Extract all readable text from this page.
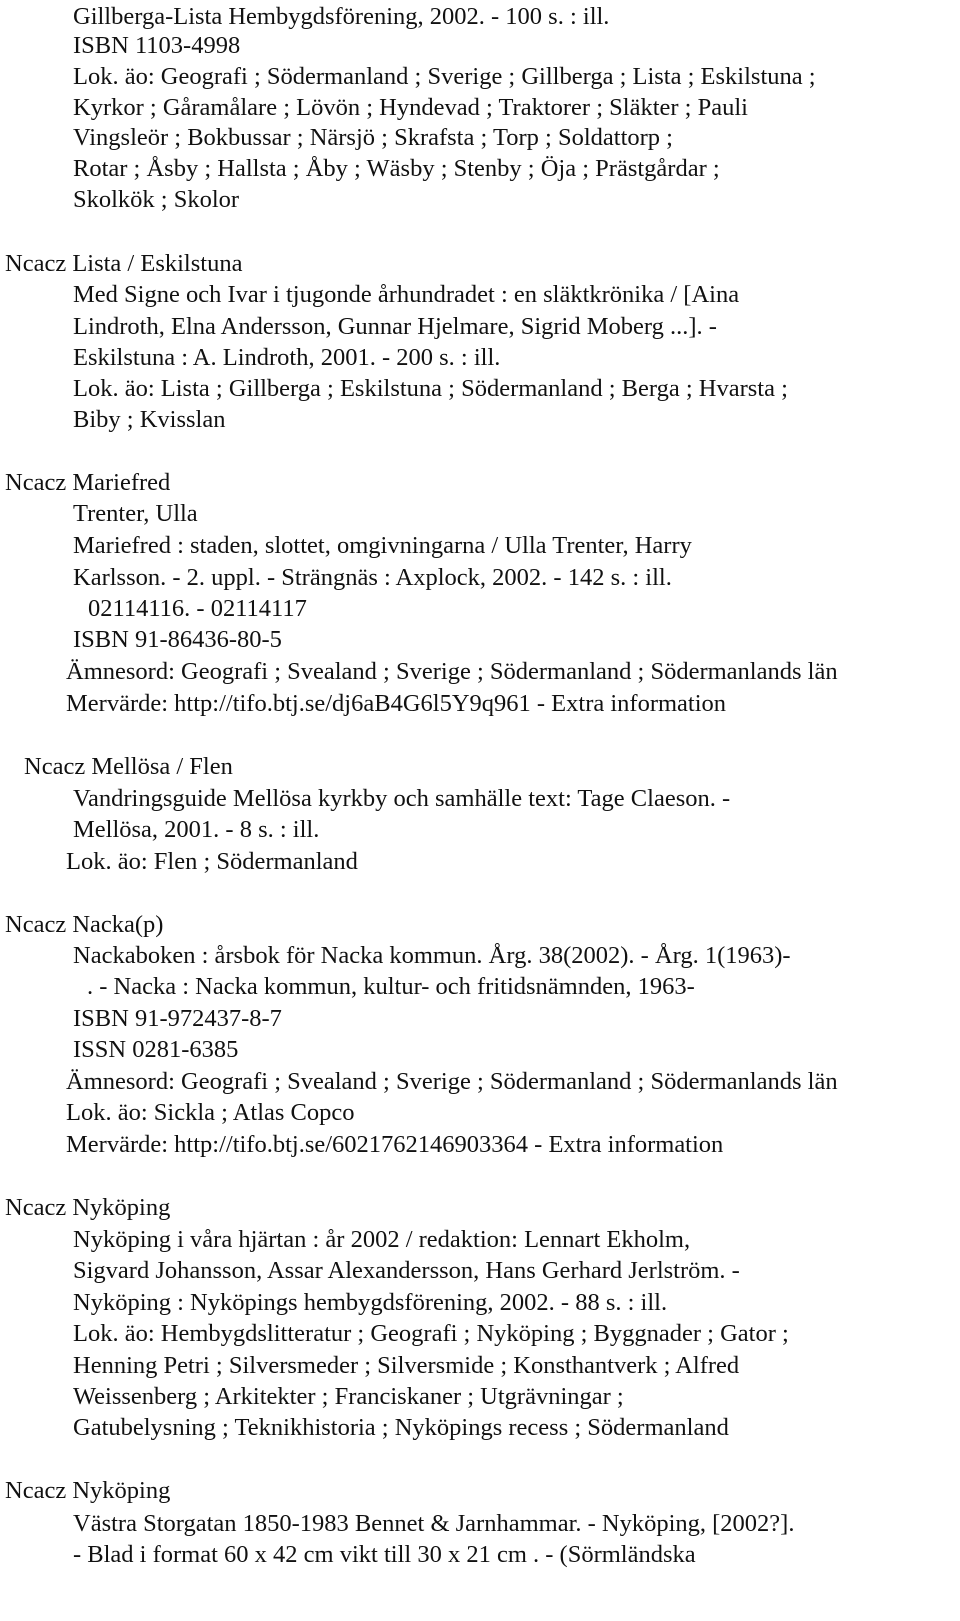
Gillberga-Lista Hembygdsförening, 2002. - 100 s. : ill.
ISBN 1103-4998
Lok. äo: Geografi ; Södermanland ; Sverige ; Gillberga ; Lista ; Eskilstuna ;
Kyrkor ; Gåramålare ; Lövön ; Hyndevad ; Traktorer ; Släkter ; Pauli
Vingsleör ; Bokbussar ; Närsjö ; Skrafsta ; Torp ; Soldattorp ;
Rotar ; Åsby ; Hallsta ; Åby ; Wäsby ; Stenby ; Öja ; Prästgårdar ;
Skolkök ; Skolor
Ncacz Lista / Eskilstuna
Med Signe och Ivar i tjugonde århundradet : en släktkrönika / [Aina
Lindroth, Elna Andersson, Gunnar Hjelmare, Sigrid Moberg ...]. -
Eskilstuna : A. Lindroth, 2001. - 200 s. : ill.
Lok. äo: Lista ; Gillberga ; Eskilstuna ; Södermanland ; Berga ; Hvarsta ;
Biby ; Kvisslan
Ncacz Mariefred
Trenter, Ulla
Mariefred : staden, slottet, omgivningarna / Ulla Trenter, Harry
Karlsson. - 2. uppl. - Strängnäs : Axplock, 2002. - 142 s. : ill.
02114116. - 02114117
ISBN 91-86436-80-5
Ämnesord: Geografi ; Svealand ; Sverige ; Södermanland ; Södermanlands län
Mervärde: http://tifo.btj.se/dj6aB4G6l5Y9q961 - Extra information
Ncacz Mellösa / Flen
Vandringsguide Mellösa kyrkby och samhälle text: Tage Claeson. -
Mellösa, 2001. - 8 s. : ill.
Lok. äo: Flen ; Södermanland
Ncacz Nacka(p)
Nackaboken : årsbok för Nacka kommun. Årg. 38(2002). - Årg. 1(1963)-
. - Nacka : Nacka kommun, kultur- och fritidsnämnden, 1963-
ISBN 91-972437-8-7
ISSN 0281-6385
Ämnesord: Geografi ; Svealand ; Sverige ; Södermanland ; Södermanlands län
Lok. äo: Sickla ; Atlas Copco
Mervärde: http://tifo.btj.se/6021762146903364 - Extra information
Ncacz Nyköping
Nyköping i våra hjärtan : år 2002 / redaktion: Lennart Ekholm,
Sigvard Johansson, Assar Alexandersson, Hans Gerhard Jerlström. -
Nyköping : Nyköpings hembygdsförening, 2002. - 88 s. : ill.
Lok. äo: Hembygdslitteratur ; Geografi ; Nyköping ; Byggnader ; Gator ;
Henning Petri ; Silversmeder ; Silversmide ; Konsthantverk ; Alfred
Weissenberg ; Arkitekter ; Franciskaner ; Utgrävningar ;
Gatubelysning ; Teknikhistoria ; Nyköpings recess ; Södermanland
Ncacz Nyköping
Västra Storgatan 1850-1983 Bennet & Jarnhammar. - Nyköping, [2002?].
- Blad i format 60 x 42 cm vikt till 30 x 21 cm . - (Sörmländska
